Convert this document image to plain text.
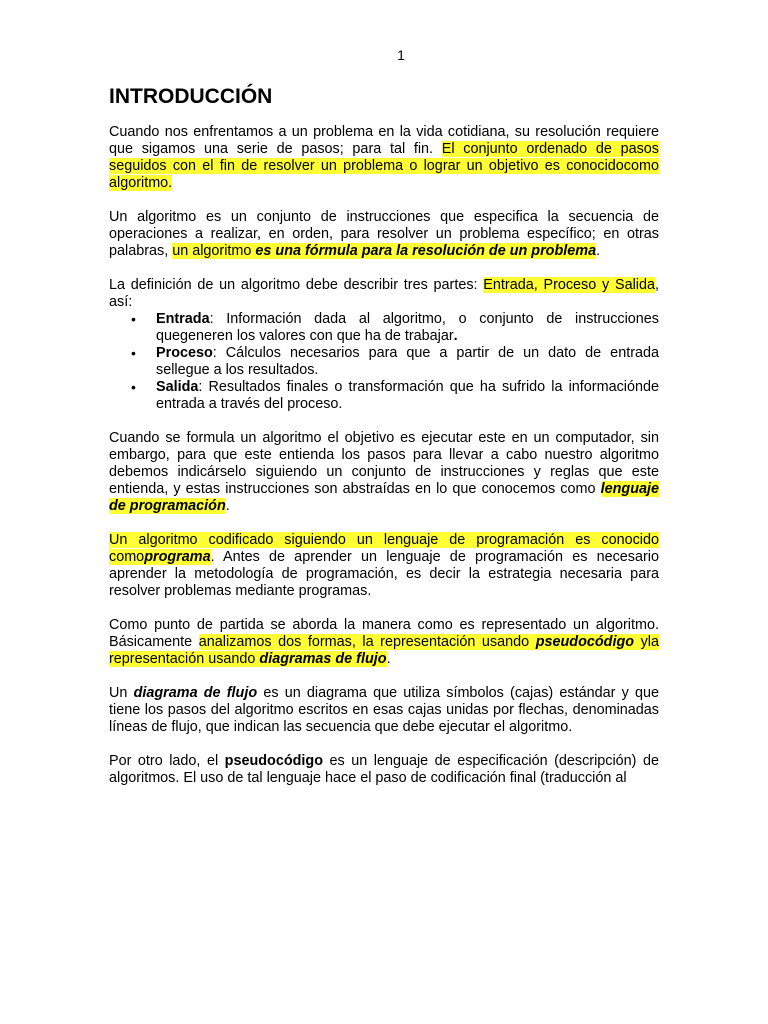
1
INTRODUCCIÓN

Cuando nos enfrentamos a un problema en la vida cotidiana, su resolución requiere que sigamos una serie de pasos; para tal fin. El conjunto ordenado de pasos seguidos con el fin de resolver un problema o lograr un objetivo es conocidocomo algoritmo.

Un algoritmo es un conjunto de instrucciones que especifica la secuencia de operaciones a realizar, en orden, para resolver un problema específico; en otras palabras, un algoritmo es una fórmula para la resolución de un problema.

La definición de un algoritmo debe describir tres partes: Entrada, Proceso y Salida, así:

• Entrada: Información dada al algoritmo, o conjunto de instrucciones quegeneren los valores con que ha de trabajar.
• Proceso: Cálculos necesarios para que a partir de un dato de entrada sellegue a los resultados.
• Salida: Resultados finales o transformación que ha sufrido la informacióndе entrada a través del proceso.

Cuando se formula un algoritmo el objetivo es ejecutar este en un computador, sin embargo, para que este entienda los pasos para llevar a cabo nuestro algoritmo debemos indicárselo siguiendo un conjunto de instrucciones y reglas que este entienda, y estas instrucciones son abstraídas en lo que conocemos como lenguaje de programación.

Un algoritmo codificado siguiendo un lenguaje de programación es conocido comoprograma. Antes de aprender un lenguaje de programación es necesario aprender la metodología de programación, es decir la estrategia necesaria para resolver problemas mediante programas.

Como punto de partida se aborda la manera como es representado un algoritmo. Básicamente analizamos dos formas, la representación usando pseudocódigo yla representación usando diagramas de flujo.

Un diagrama de flujo es un diagrama que utiliza símbolos (cajas) estándar y que tiene los pasos del algoritmo escritos en esas cajas unidas por flechas, denominadas líneas de flujo, que indican las secuencia que debe ejecutar el algoritmo.

Por otro lado, el pseudocódigo es un lenguaje de especificación (descripción) de algoritmos. El uso de tal lenguaje hace el paso de codificación final (traducción al
